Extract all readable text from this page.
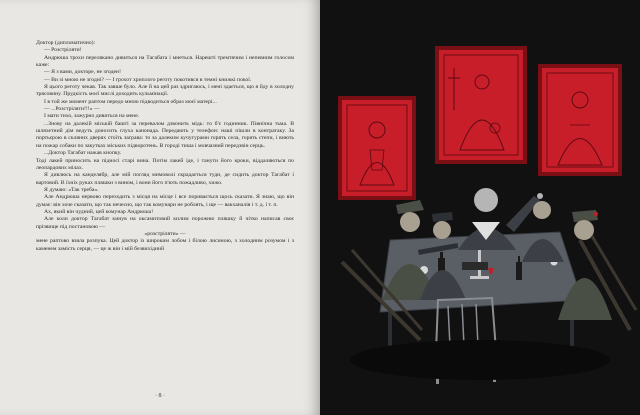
Доктор (дипломатично):

— Розстріляти!

Андрюша трохи перелякано дивиться на Тагабата і мнеться. Нарешті тремтячим і непевним голосом каже:

— Я з вами, докторе, не згоден!

— Ви зі мною не згодні? — І грохот хриплого реготу покотився в темні книжкі покої.

Я цього реготу чекав. Так завше було. Але й на цей раз здригаюсь, і мені здається, що я йду в холодну трясовину. Прудкість моєї мислі доходить кульмінації.

І в той же момент раптом передо мною підводиться образ моєї матері...

— ...Розстріляти!!!» —

І мати тихо, зажурно дивиться на мене.

...Знову на далекій міській башті за перевалом дзвонить мідь: то б'є годинник. Північна тьма. В шляхетний дім ведуть доносить глуха канонада. Передають у телефон: наші пішли в контратаку. За портьєрою в скляних дверях стоїть заграва: то за далеким кучугурами горять села, горять степи, і виють на пожар собаки по закутках міських підворотень. В городі тиша і мовчазний передзвін серць.

...Доктор Тагабат нажав кнопку.

Тоді лакей приносить на підносі старі вина. Потім лакей іде, і танути його кроки, віддаляються по леопардових мілах.

Я дивлюсь на канделябр, але мій погляд мимоволі скрадається туди, де сидить доктор Тагабат і вартовий. В їхніх руках пляшки з вином, і вони його п'ють пожадливо, хижо.

Я думаю: «Так треба».

Але Андрюша нервово переходить з місця на місце і все поривається щось сказати. Я знаю, що він думає: він хоче сказати, що так нечесно, що так комунари не роблять, і ще — вакханалія і т. д. і т. п.

Ах, який він чудний, цей комунар Андрюша!

Але коли доктор Тагабат кинув на оксамитовий килим порожню пляшку й чітко написав своє прізвище під постановою —

«розстріляти» —

мене раптово взяла розпука. Цей доктор із широким лобом і білою лисиною, з холодним розумом і з каменем замість серця, — це ж він і мій безвихідний

· 8 ·
